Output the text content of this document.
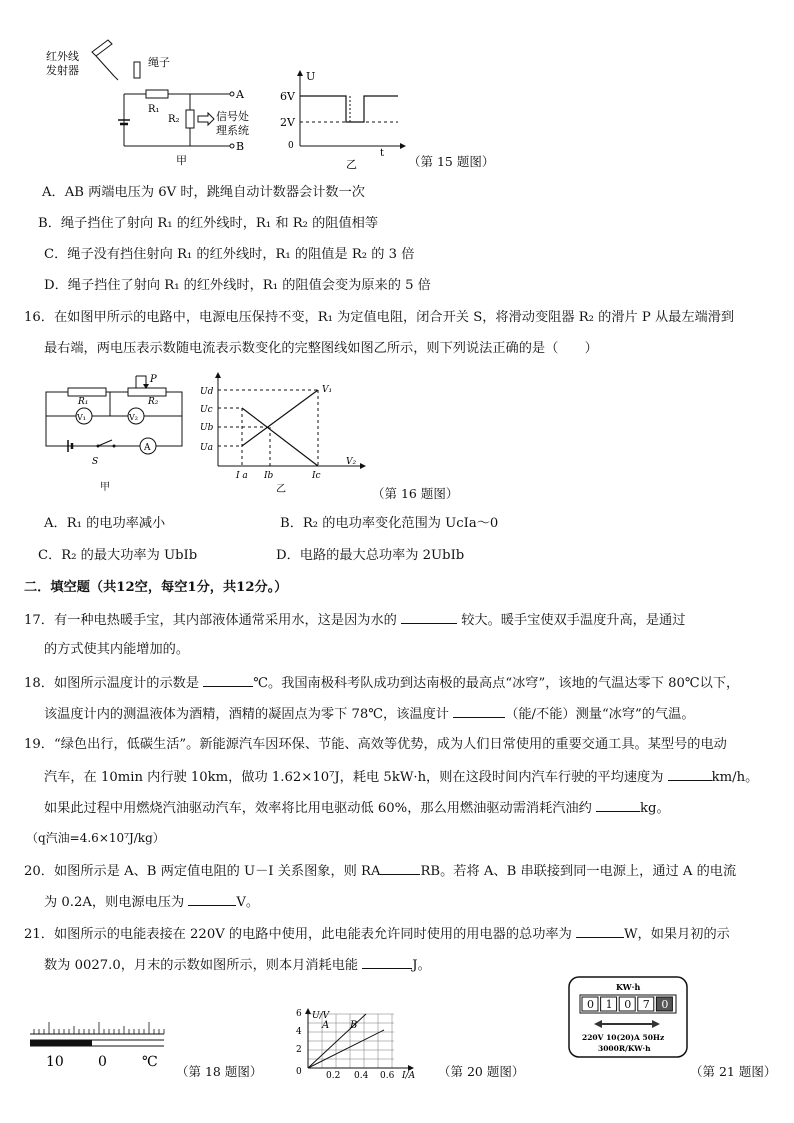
红外线
发射器
绳子
A
B
R₁
R₂	信号处
理系统
甲
U
6V
2V
0
t
乙	（第 15 题图）
A．AB 两端电压为 6V 时，跳绳自动计数器会计数一次
B．绳子挡住了射向 R₁ 的红外线时，R₁ 和 R₂ 的阻值相等
C．绳子没有挡住射向 R₁ 的红外线时，R₁ 的阻值是 R₂ 的 3 倍
D．绳子挡住了射向 R₁ 的红外线时，R₁ 的阻值会变为原来的 5 倍
16．在如图甲所示的电路中，电源电压保持不变，R₁ 为定值电阻，闭合开关 S，将滑动变阻器 R₂ 的滑片 P 从最左端滑到
最右端，两电压表示数随电流表示数变化的完整图线如图乙所示，则下列说法正确的是（　　）
R₁	R₂
P
V₁	V₂
S
A
甲
Ud
Uc
Ub
Ua
V₁
V₂
I a Ib	Ic
乙	（第 16 题图）
A．R₁ 的电功率减小	B．R₂ 的电功率变化范围为 UcIa～0
C．R₂ 的最大功率为 UbIb	D．电路的最大总功率为 2UbIb
二．填空题（共12空，每空1分，共12分。）
17．有一种电热暖手宝，其内部液体通常采用水，这是因为水的	较大。暖手宝使双手温度升高，是通过
的方式使其内能增加的。
18．如图所示温度计的示数是	℃。我国南极科考队成功到达南极的最高点“冰穹”，该地的气温达零下 80℃以下，
该温度计内的测温液体为酒精，酒精的凝固点为零下 78℃，该温度计	（能/不能）测量“冰穹”的气温。
19．“绿色出行，低碳生活”。新能源汽车因环保、节能、高效等优势，成为人们日常使用的重要交通工具。某型号的电动
汽车，在 10min 内行驶 10km，做功 1.62×10⁷J，耗电 5kW·h，则在这段时间内汽车行驶的平均速度为	km/h。
如果此过程中用燃烧汽油驱动汽车，效率将比用电驱动低 60%，那么用燃油驱动需消耗汽油约	kg。
（q汽油=4.6×10⁷J/kg）
20．如图所示是 A、B 两定值电阻的 U－I 关系图象，则 RA	RB。若将 A、B 串联接到同一电源上，通过 A 的电流
为 0.2A，则电源电压为	V。
21．如图所示的电能表接在 220V 的电路中使用，此电能表允许同时使用的用电器的总功率为	W，如果月初的示
数为 0027.0，月末的示数如图所示，则本月消耗电能	J。
10 0	℃
（第 18 题图）
U/V
I/A
6
4
2
0	0.2 0.4 0.6
A B
（第 20 题图）
KW·h
0 1 0 7 0
220V 10(20)A 50Hz
3000R/KW·h
（第 21 题图）
